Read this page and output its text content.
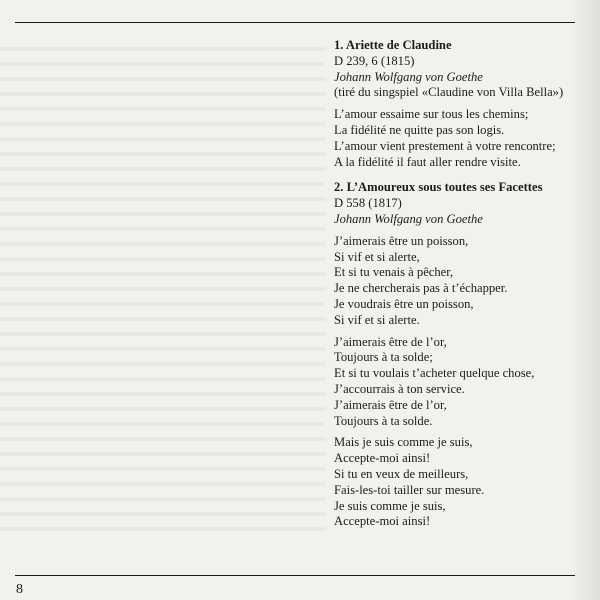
1. Ariette de Claudine
D 239, 6 (1815)
Johann Wolfgang von Goethe
(tiré du singspiel «Claudine von Villa Bella»)
L’amour essaime sur tous les chemins;
La fidélité ne quitte pas son logis.
L’amour vient prestement à votre rencontre;
A la fidélité il faut aller rendre visite.
2. L’Amoureux sous toutes ses Facettes
D 558 (1817)
Johann Wolfgang von Goethe
J’aimerais être un poisson,
Si vif et si alerte,
Et si tu venais à pêcher,
Je ne chercherais pas à t’échapper.
Je voudrais être un poisson,
Si vif et si alerte.
J’aimerais être de l’or,
Toujours à ta solde;
Et si tu voulais t’acheter quelque chose,
J’accourrais à ton service.
J’aimerais être de l’or,
Toujours à ta solde.
Mais je suis comme je suis,
Accepte-moi ainsi!
Si tu en veux de meilleurs,
Fais-les-toi tailler sur mesure.
Je suis comme je suis,
Accepte-moi ainsi!
8
